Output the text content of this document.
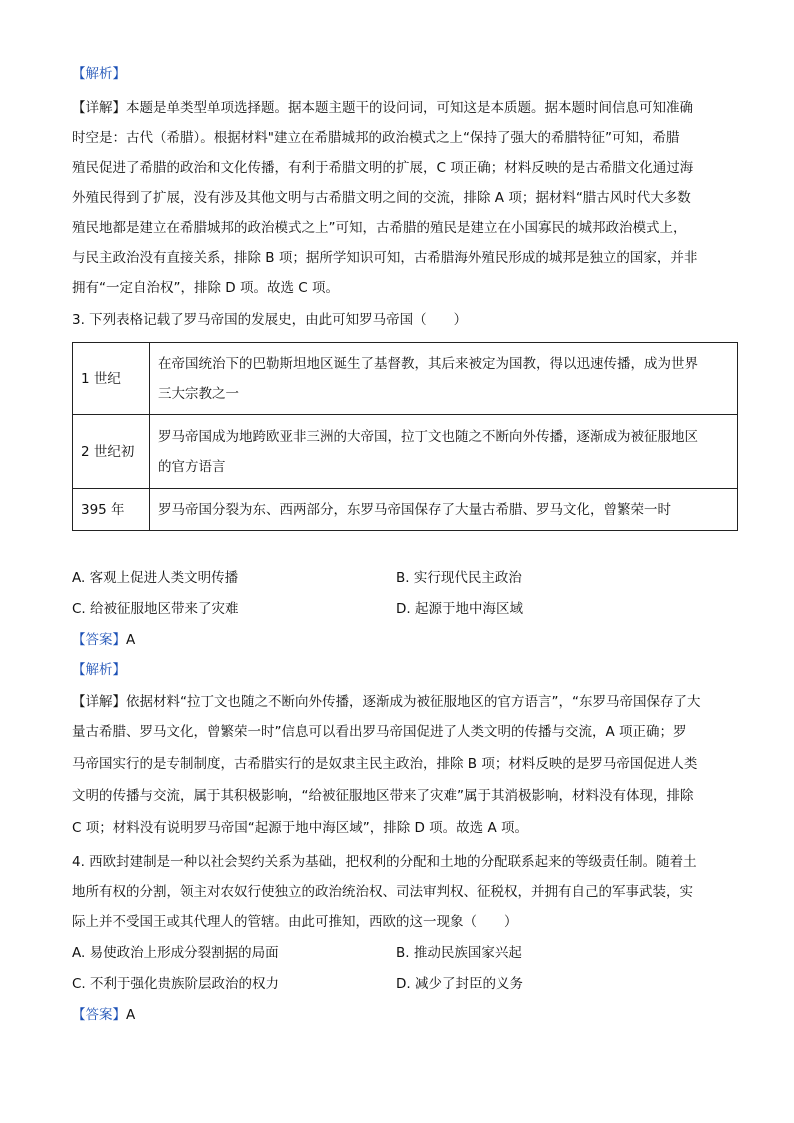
【解析】
【详解】本题是单类型单项选择题。据本题主题干的设问词，可知这是本质题。据本题时间信息可知准确
时空是：古代（希腊）。根据材料"建立在希腊城邦的政治模式之上“保持了强大的希腊特征”可知，希腊
殖民促进了希腊的政治和文化传播，有利于希腊文明的扩展，C 项正确；材料反映的是古希腊文化通过海
外殖民得到了扩展，没有涉及其他文明与古希腊文明之间的交流，排除 A 项；据材料“腊古风时代大多数
殖民地都是建立在希腊城邦的政治模式之上”可知，古希腊的殖民是建立在小国寡民的城邦政治模式上，
与民主政治没有直接关系，排除 B 项；据所学知识可知，古希腊海外殖民形成的城邦是独立的国家，并非
拥有“一定自治权”，排除 D 项。故选 C 项。
3. 下列表格记载了罗马帝国的发展史，由此可知罗马帝国（　　）
1 世纪	在帝国统治下的巴勒斯坦地区诞生了基督教，其后来被定为国教，得以迅速传播，成为世界
三大宗教之一

2 世纪初	罗马帝国成为地跨欧亚非三洲的大帝国，拉丁文也随之不断向外传播，逐渐成为被征服地区
的官方语言

395 年	罗马帝国分裂为东、西两部分，东罗马帝国保存了大量古希腊、罗马文化，曾繁荣一时
A. 客观上促进人类文明传播	B. 实行现代民主政治
C. 给被征服地区带来了灾难	D. 起源于地中海区域
【答案】A
【解析】
【详解】依据材料“拉丁文也随之不断向外传播，逐渐成为被征服地区的官方语言”，“东罗马帝国保存了大
量古希腊、罗马文化，曾繁荣一时”信息可以看出罗马帝国促进了人类文明的传播与交流，A 项正确；罗
马帝国实行的是专制制度，古希腊实行的是奴隶主民主政治，排除 B 项；材料反映的是罗马帝国促进人类
文明的传播与交流，属于其积极影响，“给被征服地区带来了灾难”属于其消极影响，材料没有体现，排除
C 项；材料没有说明罗马帝国“起源于地中海区域”，排除 D 项。故选 A 项。
4. 西欧封建制是一种以社会契约关系为基础，把权利的分配和土地的分配联系起来的等级责任制。随着土
地所有权的分割，领主对农奴行使独立的政治统治权、司法审判权、征税权，并拥有自己的军事武装，实
际上并不受国王或其代理人的管辖。由此可推知，西欧的这一现象（　　）
A. 易使政治上形成分裂割据的局面	B. 推动民族国家兴起
C. 不利于强化贵族阶层政治的权力	D. 减少了封臣的义务
【答案】A
